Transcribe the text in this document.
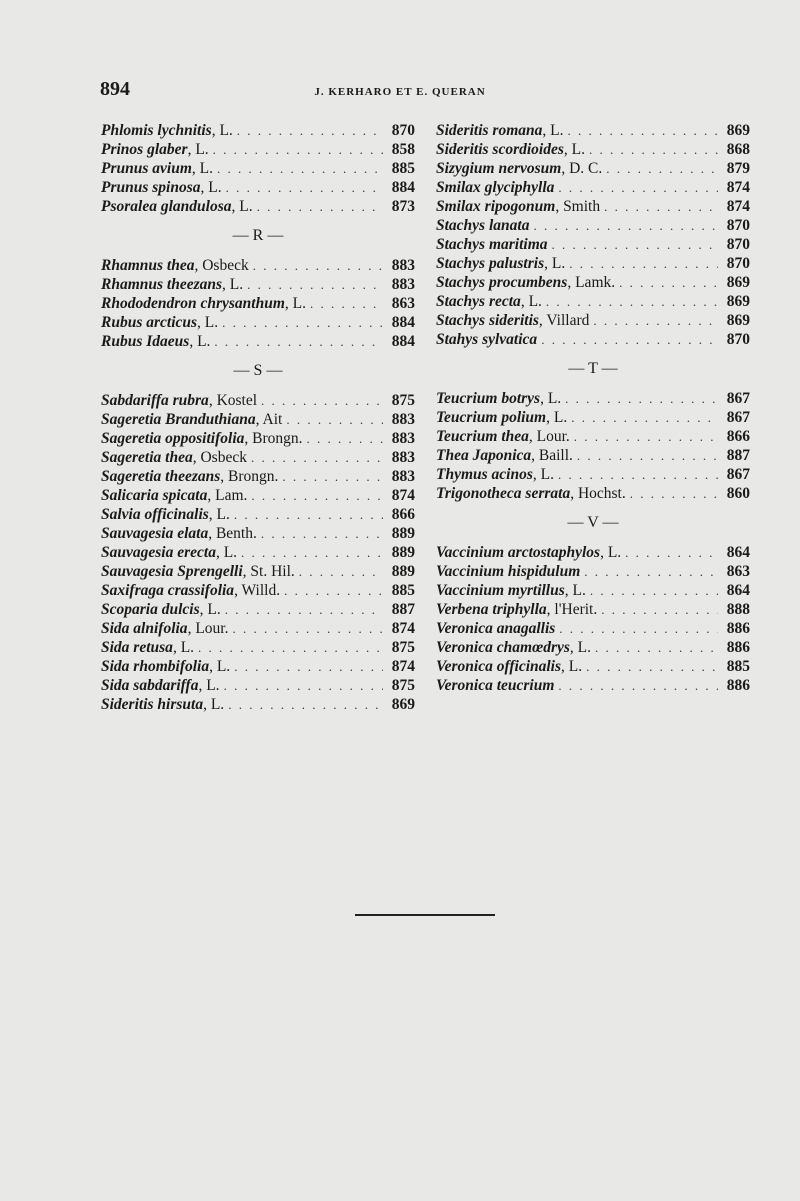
894	J. KERHARO ET E. QUERAN
Phlomis lychnitis, L. . . .	870
Prinos glaber, L. . . .	858
Prunus avium, L. . . .	885
Prunus spinosa, L. . . .	884
Psoralea glandulosa, L. . . .	873
— R —
Rhamnus thea, Osbeck . . .	883
Rhamnus theezans, L. . . .	883
Rhododendron chrysanthum, L. . . .	863
Rubus arcticus, L. . . .	884
Rubus Idaeus, L. . . .	884
— S —
Sabdariffa rubra, Kostel . . .	875
Sageretia Branduthiana, Ait . . .	883
Sageretia oppositifolia, Brongn. . . .	883
Sageretia thea, Osbeck . . .	883
Sageretia theezans, Brongn. . . .	883
Salicaria spicata, Lam. . . .	874
Salvia officinalis, L. . . .	866
Sauvagesia elata, Benth. . . .	889
Sauvagesia erecta, L. . . .	889
Sauvagesia Sprengelli, St. Hil. . . .	889
Saxifraga crassifolia, Willd. . . .	885
Scoparia dulcis, L. . . .	887
Sida alnifolia, Lour. . . .	874
Sida retusa, L. . . .	875
Sida rhombifolia, L. . . .	874
Sida sabdariffa, L. . . .	875
Sideritis hirsuta, L. . . .	869
Sideritis romana, L. . . .	869
Sideritis scordioides, L. . . .	868
Sizygium nervosum, D. C. . . .	879
Smilax glyciphylla . . .	874
Smilax ripogonum, Smith . . .	874
Stachys lanata . . .	870
Stachys maritima . . .	870
Stachys palustris, L. . . .	870
Stachys procumbens, Lamk. . . .	869
Stachys recta, L. . . .	869
Stachys sideritis, Villard . . .	869
Stahys sylvatica . . .	870
— T —
Teucrium botrys, L. . . .	867
Teucrium polium, L. . . .	867
Teucrium thea, Lour. . . .	866
Thea Japonica, Baill. . . .	887
Thymus acinos, L. . . .	867
Trigonotheca serrata, Hochst. . . .	860
— V —
Vaccinium arctostaphylos, L. . . .	864
Vaccinium hispidulum . . .	863
Vaccinium myrtillus, L. . . .	864
Verbena triphylla, l'Herit. . . .	888
Veronica anagallis . . .	886
Veronica chamœdrys, L. . . .	886
Veronica officinalis, L. . . .	885
Veronica teucrium . . .	886
